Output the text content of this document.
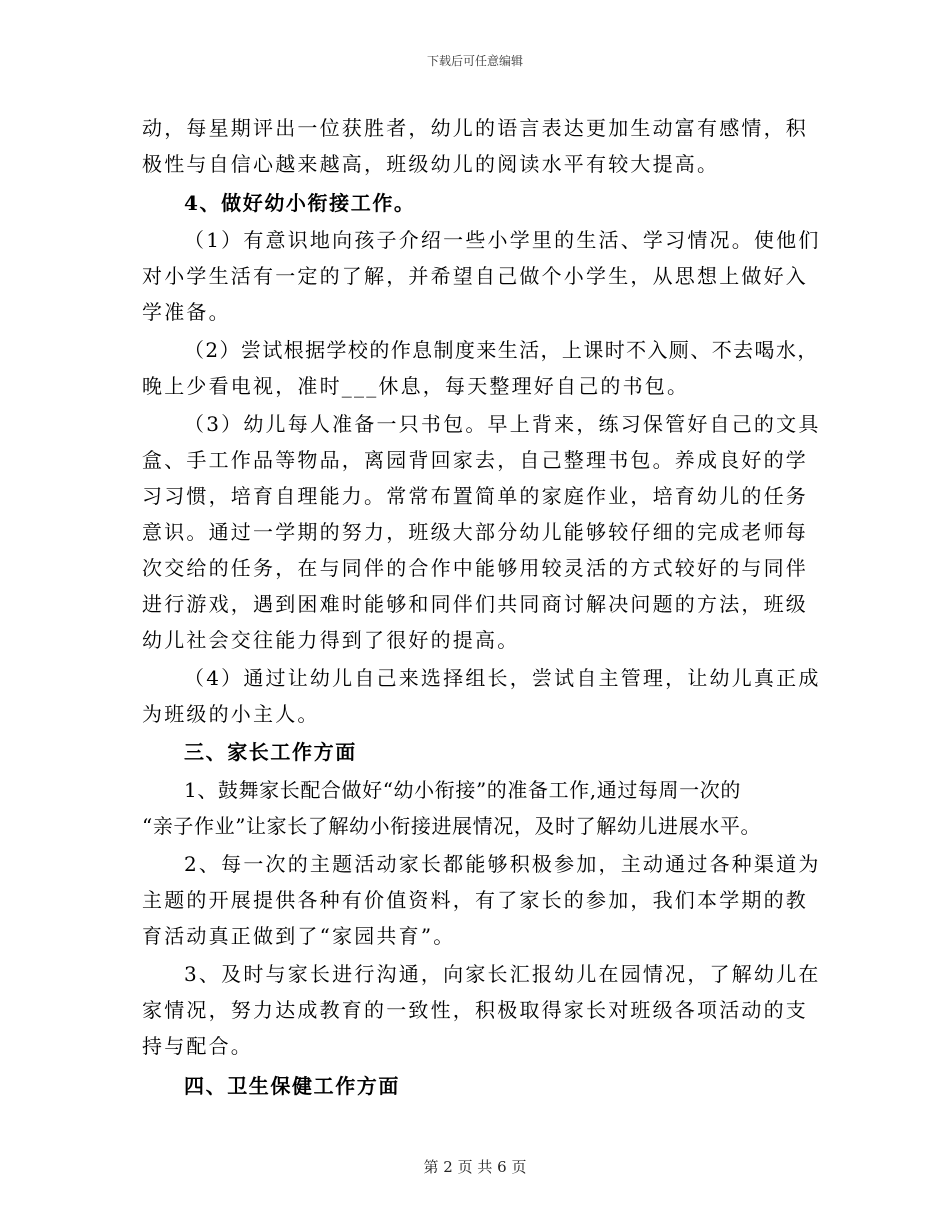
下载后可任意编辑
动，每星期评出一位获胜者，幼儿的语言表达更加生动富有感情，积
极性与自信心越来越高，班级幼儿的阅读水平有较大提高。
4、做好幼小衔接工作。
（1）有意识地向孩子介绍一些小学里的生活、学习情况。使他们
对小学生活有一定的了解，并希望自己做个小学生，从思想上做好入
学准备。
（2）尝试根据学校的作息制度来生活，上课时不入厕、不去喝水，
晚上少看电视，准时___休息，每天整理好自己的书包。
（3）幼儿每人准备一只书包。早上背来，练习保管好自己的文具
盒、手工作品等物品，离园背回家去，自己整理书包。养成良好的学
习习惯，培育自理能力。常常布置简单的家庭作业，培育幼儿的任务
意识。通过一学期的努力，班级大部分幼儿能够较仔细的完成老师每
次交给的任务，在与同伴的合作中能够用较灵活的方式较好的与同伴
进行游戏，遇到困难时能够和同伴们共同商讨解决问题的方法，班级
幼儿社会交往能力得到了很好的提高。
（4）通过让幼儿自己来选择组长，尝试自主管理，让幼儿真正成
为班级的小主人。
三、家长工作方面
1、鼓舞家长配合做好“幼小衔接”的准备工作,通过每周一次的
“亲子作业”让家长了解幼小衔接进展情况，及时了解幼儿进展水平。
2、每一次的主题活动家长都能够积极参加，主动通过各种渠道为
主题的开展提供各种有价值资料，有了家长的参加，我们本学期的教
育活动真正做到了“家园共育”。
3、及时与家长进行沟通，向家长汇报幼儿在园情况，了解幼儿在
家情况，努力达成教育的一致性，积极取得家长对班级各项活动的支
持与配合。
四、卫生保健工作方面
第 2 页 共 6 页
